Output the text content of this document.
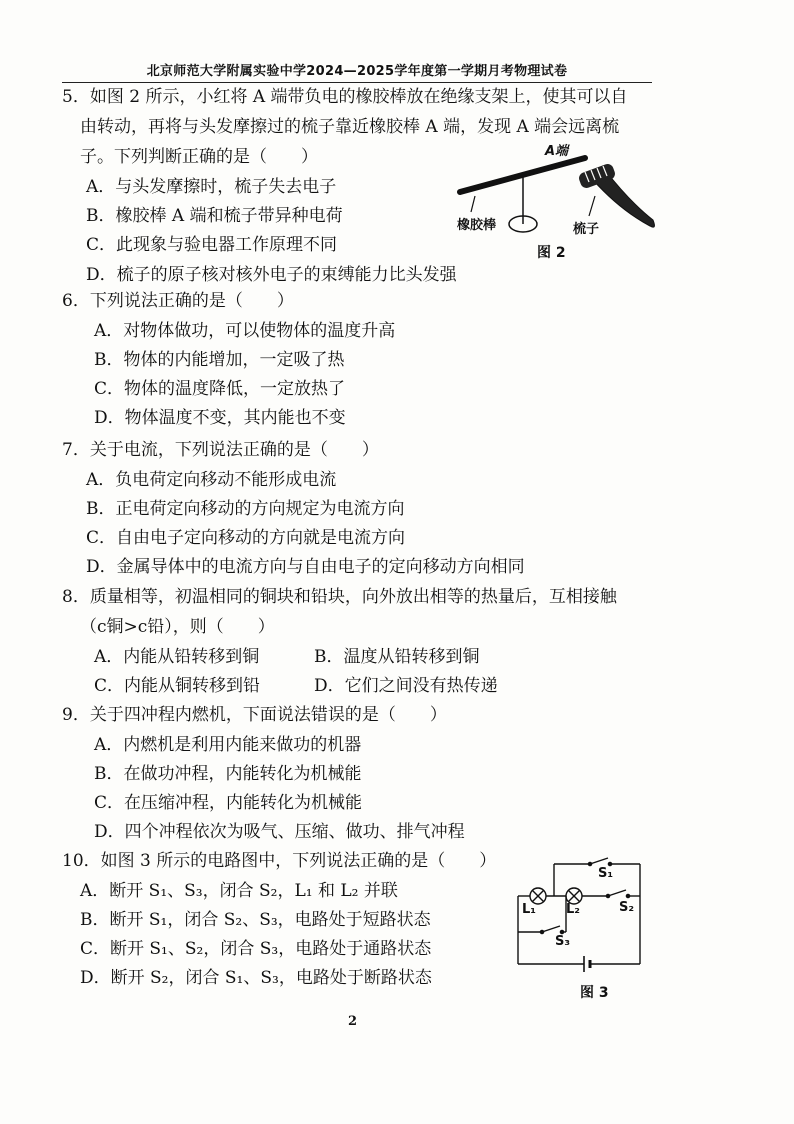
北京师范大学附属实验中学2024—2025学年度第一学期月考物理试卷
5．如图 2 所示，小红将 A 端带负电的橡胶棒放在绝缘支架上，使其可以自
由转动，再将与头发摩擦过的梳子靠近橡胶棒 A 端，发现 A 端会远离梳
子。下列判断正确的是（　　）
A．与头发摩擦时，梳子失去电子
B．橡胶棒 A 端和梳子带异种电荷
C．此现象与验电器工作原理不同
D．梳子的原子核对核外电子的束缚能力比头发强
A端
橡胶棒	梳子
图 2
6．下列说法正确的是（　　）
A．对物体做功，可以使物体的温度升高
B．物体的内能增加，一定吸了热
C．物体的温度降低，一定放热了
D．物体温度不变，其内能也不变
7．关于电流，下列说法正确的是（　　）
A．负电荷定向移动不能形成电流
B．正电荷定向移动的方向规定为电流方向
C．自由电子定向移动的方向就是电流方向
D．金属导体中的电流方向与自由电子的定向移动方向相同
8．质量相等，初温相同的铜块和铅块，向外放出相等的热量后，互相接触
（c铜>c铅），则（　　）
A．内能从铅转移到铜	B．温度从铅转移到铜
C．内能从铜转移到铅	D．它们之间没有热传递
9．关于四冲程内燃机，下面说法错误的是（　　）
A．内燃机是利用内能来做功的机器
B．在做功冲程，内能转化为机械能
C．在压缩冲程，内能转化为机械能
D．四个冲程依次为吸气、压缩、做功、排气冲程
10．如图 3 所示的电路图中，下列说法正确的是（　　）
A．断开 S₁、S₃，闭合 S₂，L₁ 和 L₂ 并联
B．断开 S₁，闭合 S₂、S₃，电路处于短路状态
C．断开 S₁、S₂，闭合 S₃，电路处于通路状态
D．断开 S₂，闭合 S₁、S₃，电路处于断路状态
S₁
S₂
S₃
L₁ L₂
图 3
2
